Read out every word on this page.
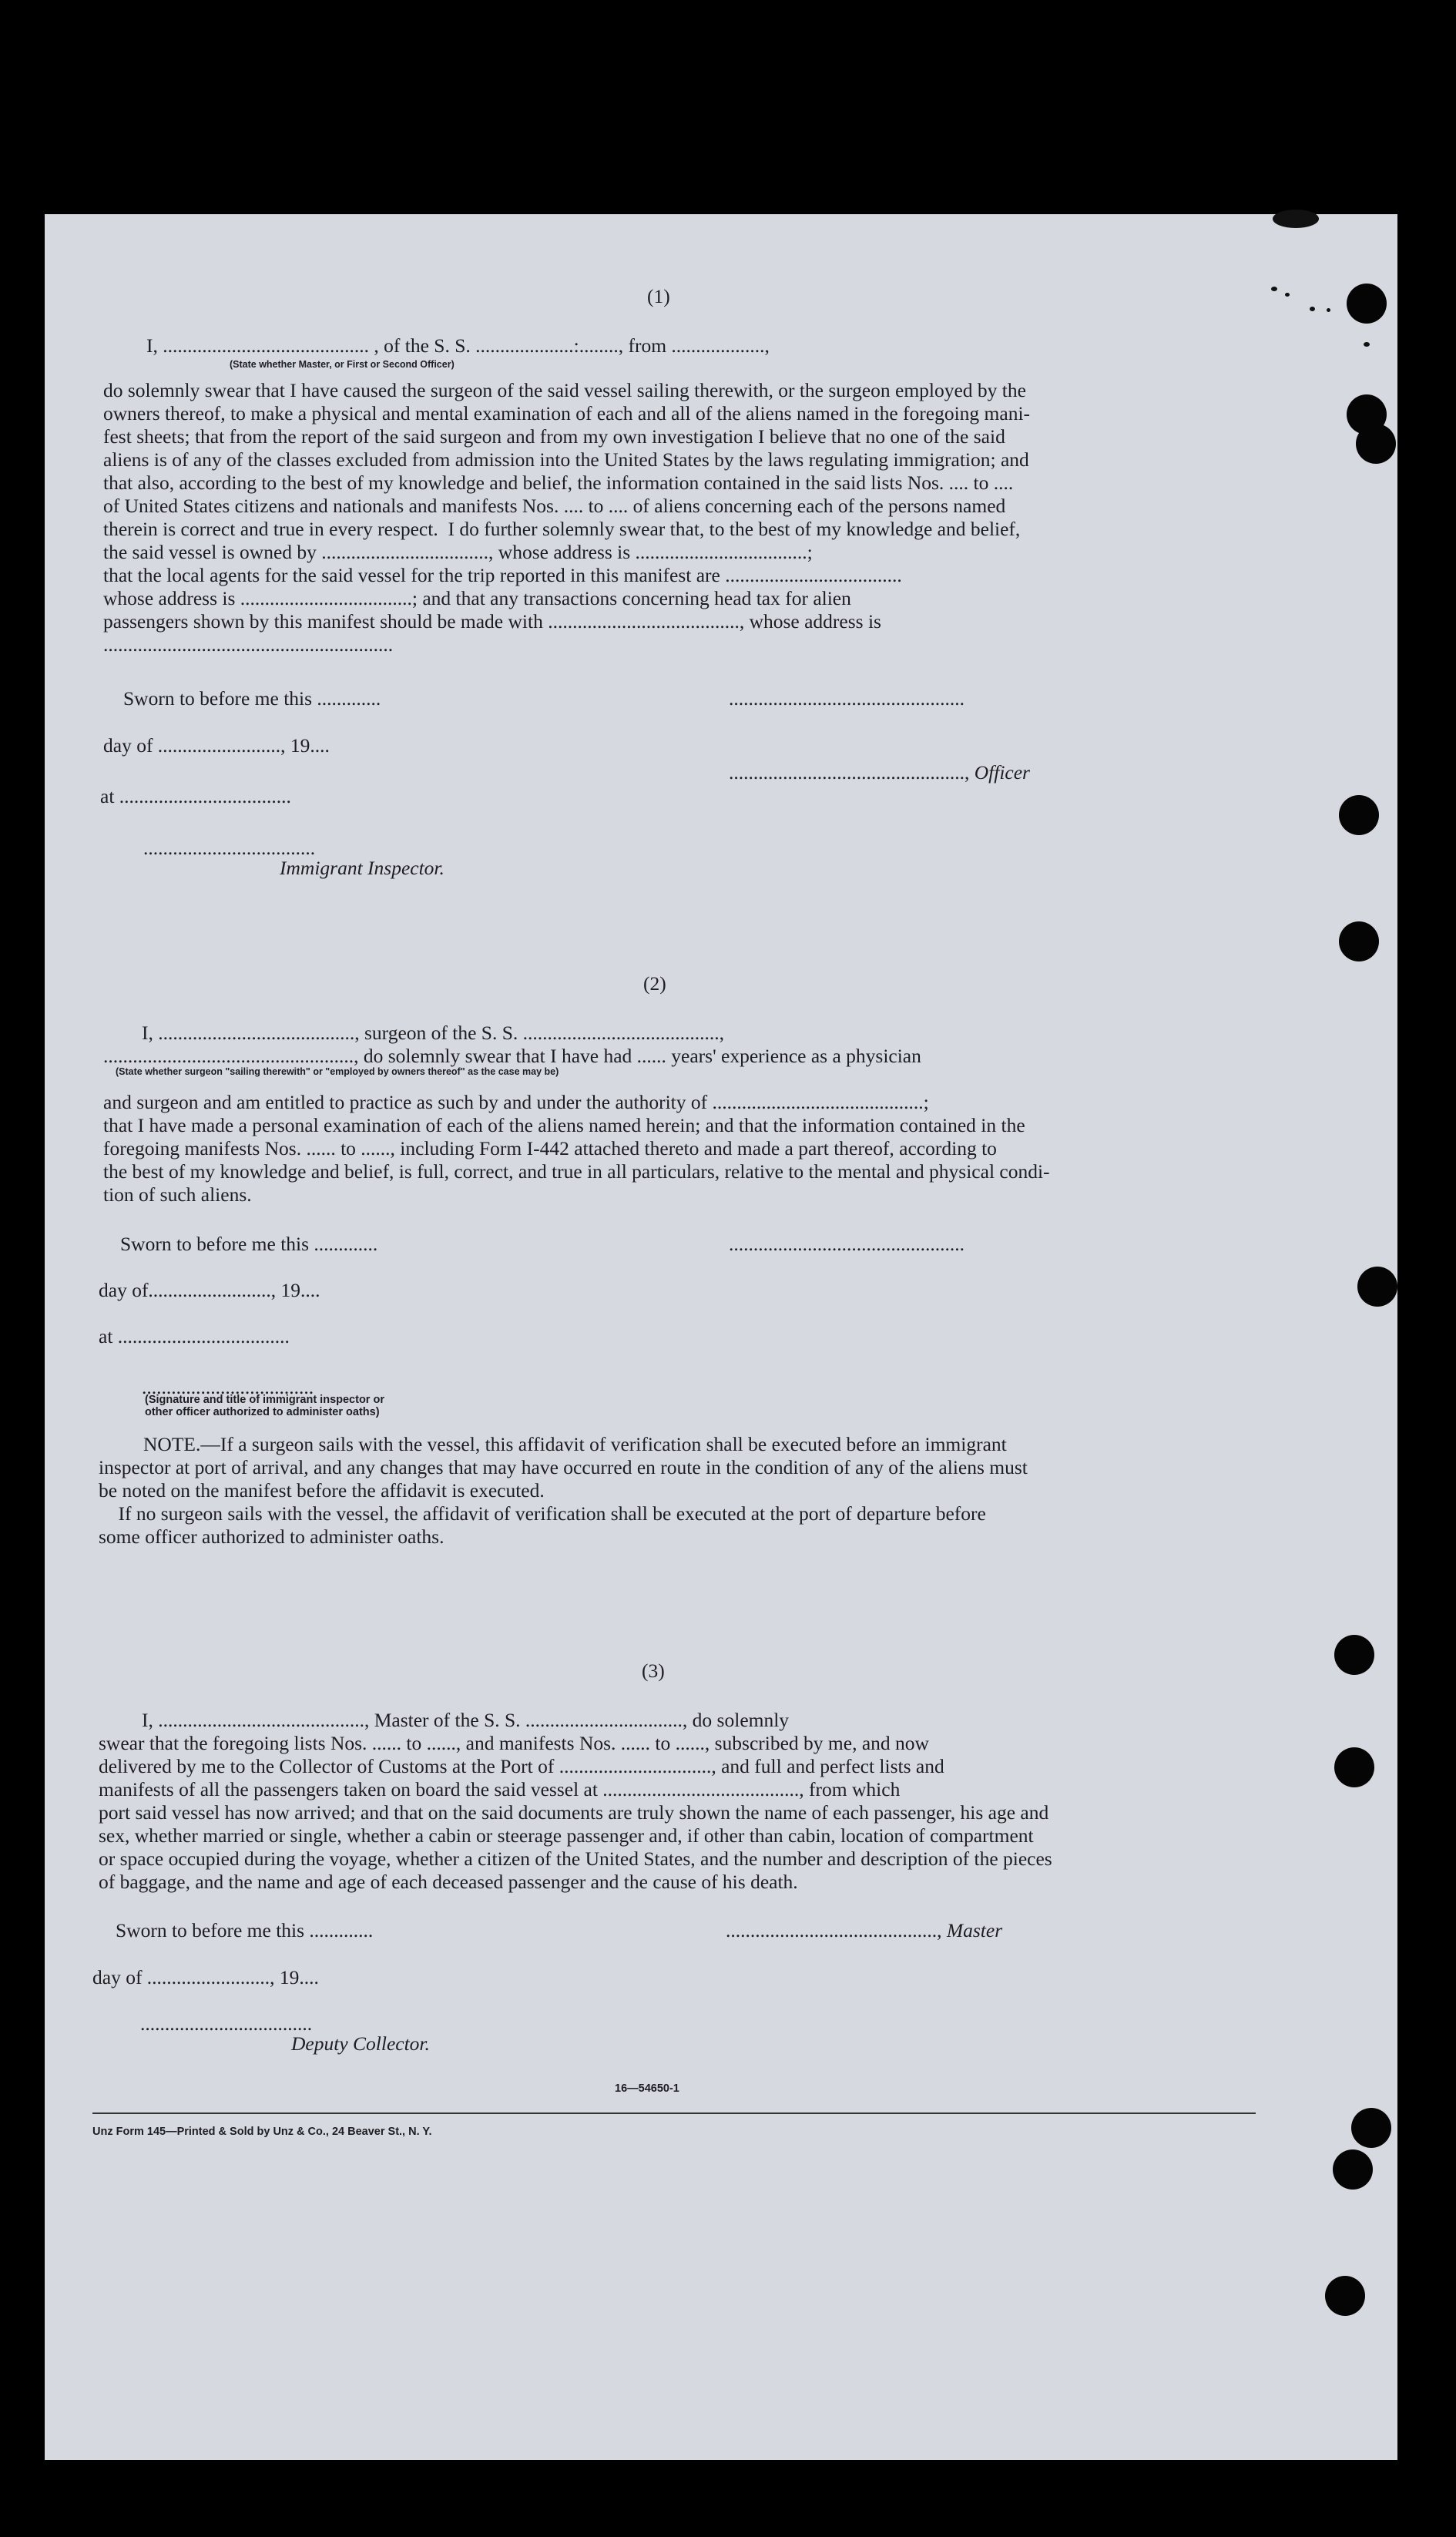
(1)
I, .......................................... , of the S. S. ....................:........, from ...................,
(State whether Master, or First or Second Officer)
do solemnly swear that I have caused the surgeon of the said vessel sailing therewith, or the surgeon employed by the
owners thereof, to make a physical and mental examination of each and all of the aliens named in the foregoing mani-
fest sheets; that from the report of the said surgeon and from my own investigation I believe that no one of the said
aliens is of any of the classes excluded from admission into the United States by the laws regulating immigration; and
that also, according to the best of my knowledge and belief, the information contained in the said lists Nos. .... to ....
of United States citizens and nationals and manifests Nos. .... to .... of aliens concerning each of the persons named
therein is correct and true in every respect.  I do further solemnly swear that, to the best of my knowledge and belief,
the said vessel is owned by .................................., whose address is ...................................;
that the local agents for the said vessel for the trip reported in this manifest are ....................................
whose address is ...................................; and that any transactions concerning head tax for alien
passengers shown by this manifest should be made with ......................................., whose address is
...........................................................
Sworn to before me this .............	................................................
day of ........................., 19....
................................................, Officer
at ...................................
...................................
Immigrant Inspector.
(2)
I, ........................................, surgeon of the S. S. ........................................,
..................................................., do solemnly swear that I have had ...... years' experience as a physician
(State whether surgeon "sailing therewith" or "employed by owners thereof" as the case may be)
and surgeon and am entitled to practice as such by and under the authority of ...........................................;
that I have made a personal examination of each of the aliens named herein; and that the information contained in the
foregoing manifests Nos. ...... to ......, including Form I-442 attached thereto and made a part thereof, according to
the best of my knowledge and belief, is full, correct, and true in all particulars, relative to the mental and physical condi-
tion of such aliens.
Sworn to before me this .............	................................................
day of........................., 19....
at ...................................
...................................
(Signature and title of immigrant inspector or
other officer authorized to administer oaths)
NOTE.—If a surgeon sails with the vessel, this affidavit of verification shall be executed before an immigrant
inspector at port of arrival, and any changes that may have occurred en route in the condition of any of the aliens must
be noted on the manifest before the affidavit is executed.
If no surgeon sails with the vessel, the affidavit of verification shall be executed at the port of departure before
some officer authorized to administer oaths.
(3)
I, .........................................., Master of the S. S. ................................, do solemnly
swear that the foregoing lists Nos. ...... to ......, and manifests Nos. ...... to ......, subscribed by me, and now
delivered by me to the Collector of Customs at the Port of ..............................., and full and perfect lists and
manifests of all the passengers taken on board the said vessel at ........................................, from which
port said vessel has now arrived; and that on the said documents are truly shown the name of each passenger, his age and
sex, whether married or single, whether a cabin or steerage passenger and, if other than cabin, location of compartment
or space occupied during the voyage, whether a citizen of the United States, and the number and description of the pieces
of baggage, and the name and age of each deceased passenger and the cause of his death.
Sworn to before me this .............	..........................................., Master
day of ........................., 19....
...................................
Deputy Collector.
16—54650-1
Unz Form 145—Printed & Sold by Unz & Co., 24 Beaver St., N. Y.
